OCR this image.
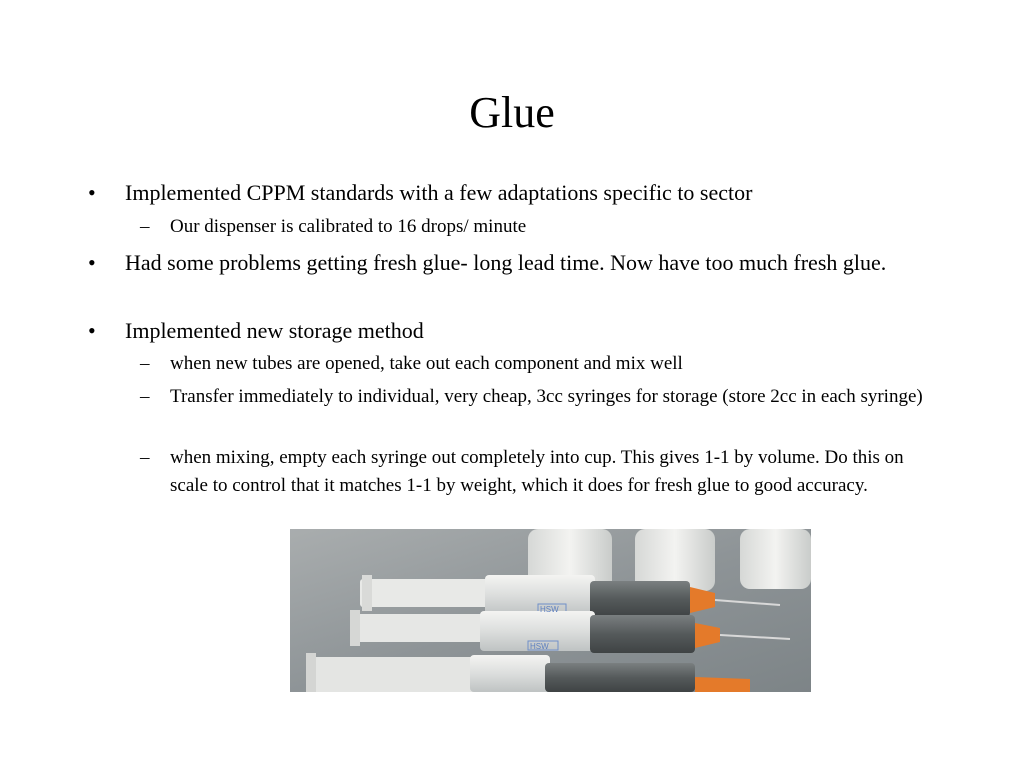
Glue
• Implemented CPPM standards with a few adaptations specific to sector
– Our dispenser is calibrated to 16 drops/ minute
• Had some problems getting fresh glue- long lead time. Now have too much fresh glue.
• Implemented new storage method
– when new tubes are opened, take out each component and mix well
– Transfer immediately to individual, very cheap, 3cc syringes for storage (store 2cc in each syringe)
– when mixing, empty each syringe out completely into cup. This gives 1-1 by volume. Do this on scale to control that it matches 1-1 by weight, which it does for fresh glue to good accuracy.
HSW
HSW
